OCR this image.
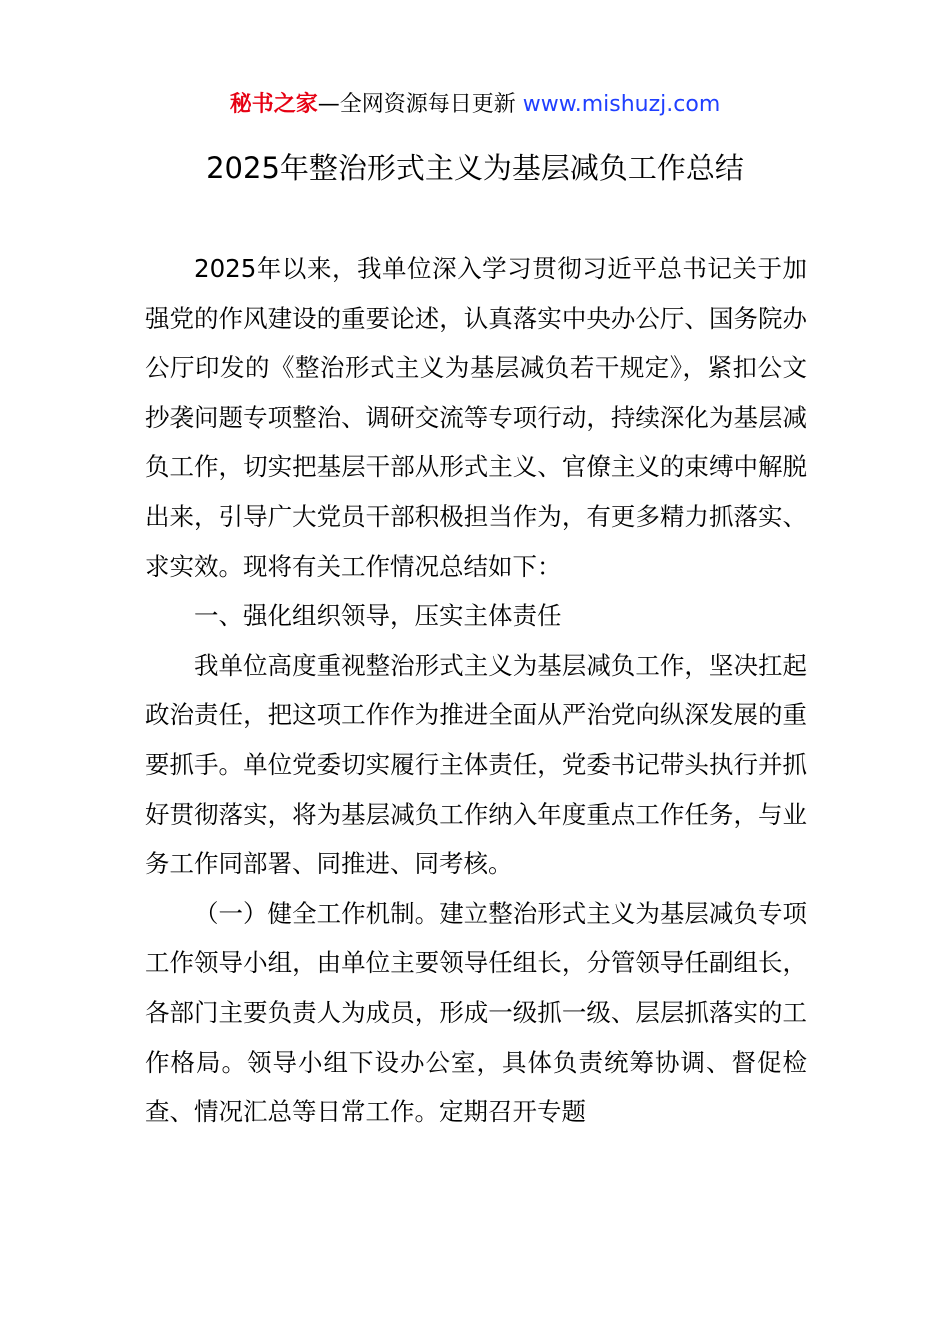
秘书之家—全网资源每日更新 www.mishuzj.com
2025年整治形式主义为基层减负工作总结

2025年以来，我单位深入学习贯彻习近平总书记关于加强党的作风建设的重要论述，认真落实中央办公厅、国务院办公厅印发的《整治形式主义为基层减负若干规定》，紧扣公文抄袭问题专项整治、调研交流等专项行动，持续深化为基层减负工作，切实把基层干部从形式主义、官僚主义的束缚中解脱出来，引导广大党员干部积极担当作为，有更多精力抓落实、求实效。现将有关工作情况总结如下：

一、强化组织领导，压实主体责任

我单位高度重视整治形式主义为基层减负工作，坚决扛起政治责任，把这项工作作为推进全面从严治党向纵深发展的重要抓手。单位党委切实履行主体责任，党委书记带头执行并抓好贯彻落实，将为基层减负工作纳入年度重点工作任务，与业务工作同部署、同推进、同考核。

（一）健全工作机制。建立整治形式主义为基层减负专项工作领导小组，由单位主要领导任组长，分管领导任副组长，各部门主要负责人为成员，形成一级抓一级、层层抓落实的工作格局。领导小组下设办公室，具体负责统筹协调、督促检查、情况汇总等日常工作。定期召开专题
